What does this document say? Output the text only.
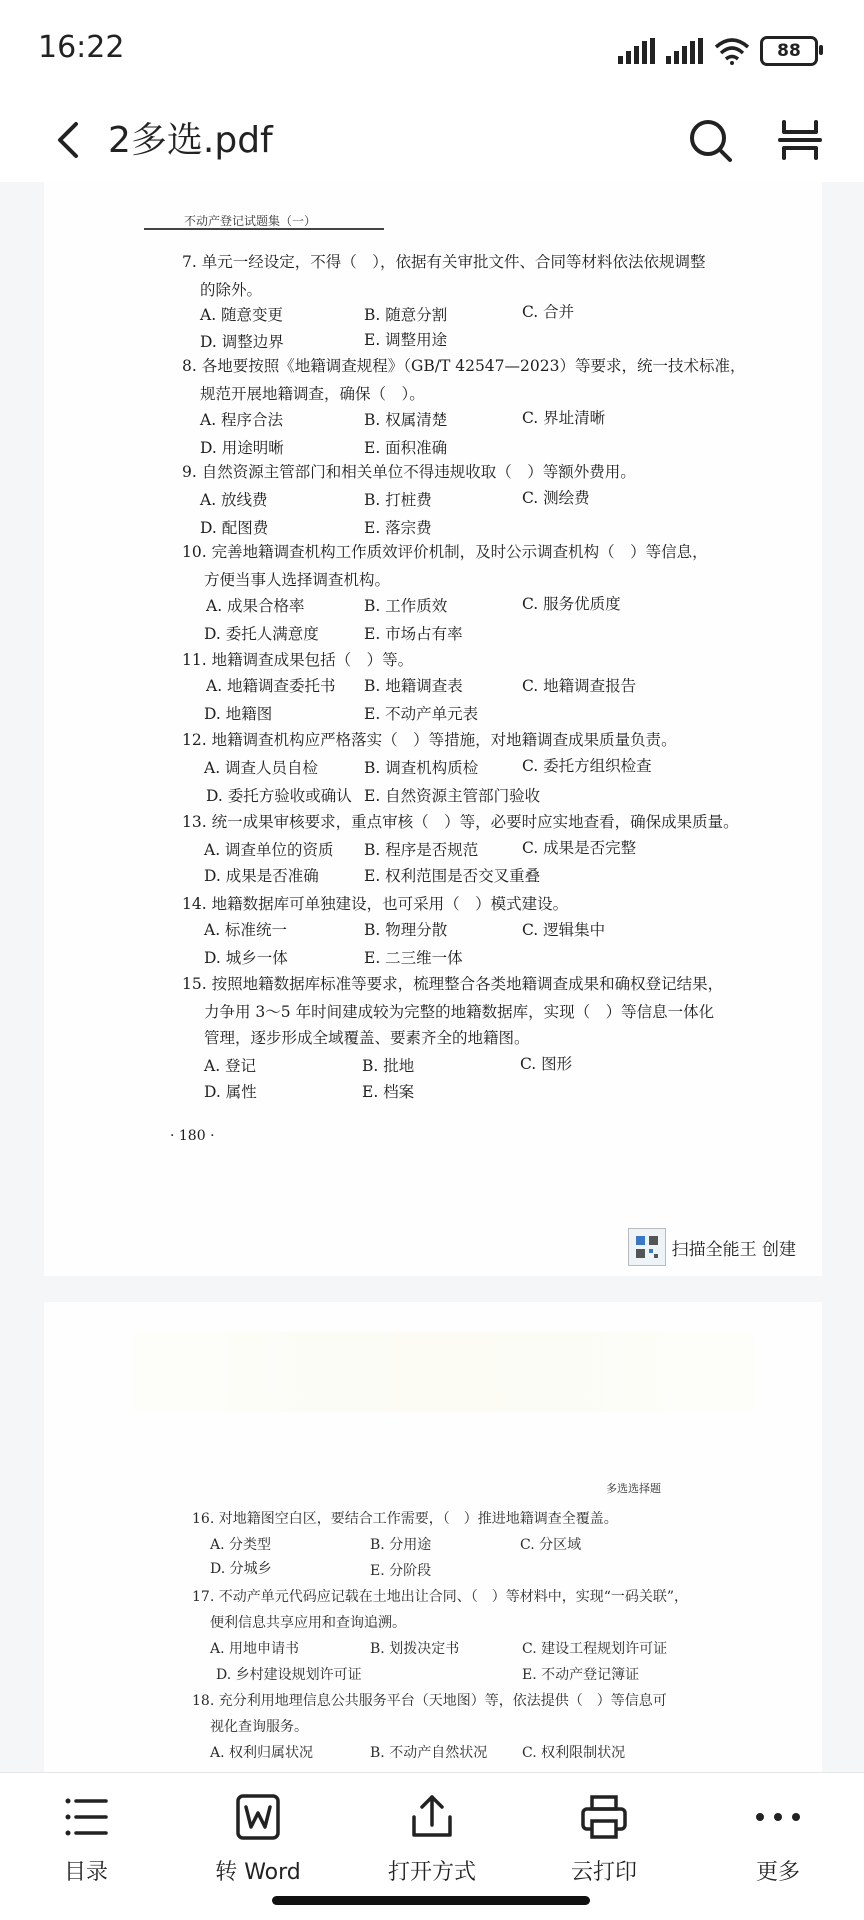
16:22	88
2多选.pdf
不动产登记试题集（一）
7. 单元一经设定，不得（　），依据有关审批文件、合同等材料依法依规调整
的除外。
A. 随意变更	B. 随意分割	C. 合并
D. 调整边界	E. 调整用途
8. 各地要按照《地籍调查规程》（GB/T 42547—2023）等要求，统一技术标准，
规范开展地籍调查，确保（　）。
A. 程序合法	B. 权属清楚	C. 界址清晰
D. 用途明晰	E. 面积准确
9. 自然资源主管部门和相关单位不得违规收取（　）等额外费用。
A. 放线费	B. 打桩费	C. 测绘费
D. 配图费	E. 落宗费
10. 完善地籍调查机构工作质效评价机制，及时公示调查机构（　）等信息，
方便当事人选择调查机构。
A. 成果合格率	B. 工作质效	C. 服务优质度
D. 委托人满意度	E. 市场占有率
11. 地籍调查成果包括（　）等。
A. 地籍调查委托书 B. 地籍调查表	C. 地籍调查报告
D. 地籍图	E. 不动产单元表
12. 地籍调查机构应严格落实（　）等措施，对地籍调查成果质量负责。
A. 调查人员自检	B. 调查机构质检	C. 委托方组织检查
D. 委托方验收或确认 E. 自然资源主管部门验收
13. 统一成果审核要求，重点审核（　）等，必要时应实地查看，确保成果质量。
A. 调查单位的资质 B. 程序是否规范	C. 成果是否完整
D. 成果是否准确	E. 权利范围是否交叉重叠
14. 地籍数据库可单独建设，也可采用（　）模式建设。
A. 标准统一	B. 物理分散	C. 逻辑集中
D. 城乡一体	E. 二三维一体
15. 按照地籍数据库标准等要求，梳理整合各类地籍调查成果和确权登记结果，
力争用 3～5 年时间建成较为完整的地籍数据库，实现（　）等信息一体化
管理，逐步形成全域覆盖、要素齐全的地籍图。
A. 登记	B. 批地	C. 图形
D. 属性	E. 档案
· 180 ·
扫描全能王 创建
多选选择题
16. 对地籍图空白区，要结合工作需要，（　）推进地籍调查全覆盖。
A. 分类型	B. 分用途	C. 分区域
D. 分城乡	E. 分阶段
17. 不动产单元代码应记载在土地出让合同、（　）等材料中，实现“一码关联”，
便利信息共享应用和查询追溯。
A. 用地申请书	B. 划拨决定书	C. 建设工程规划许可证
D. 乡村建设规划许可证	E. 不动产登记簿证
18. 充分利用地理信息公共服务平台（天地图）等，依法提供（　）等信息可
视化查询服务。
A. 权利归属状况	B. 不动产自然状况 C. 权利限制状况
目录	转 Word	打开方式	云打印	更多
